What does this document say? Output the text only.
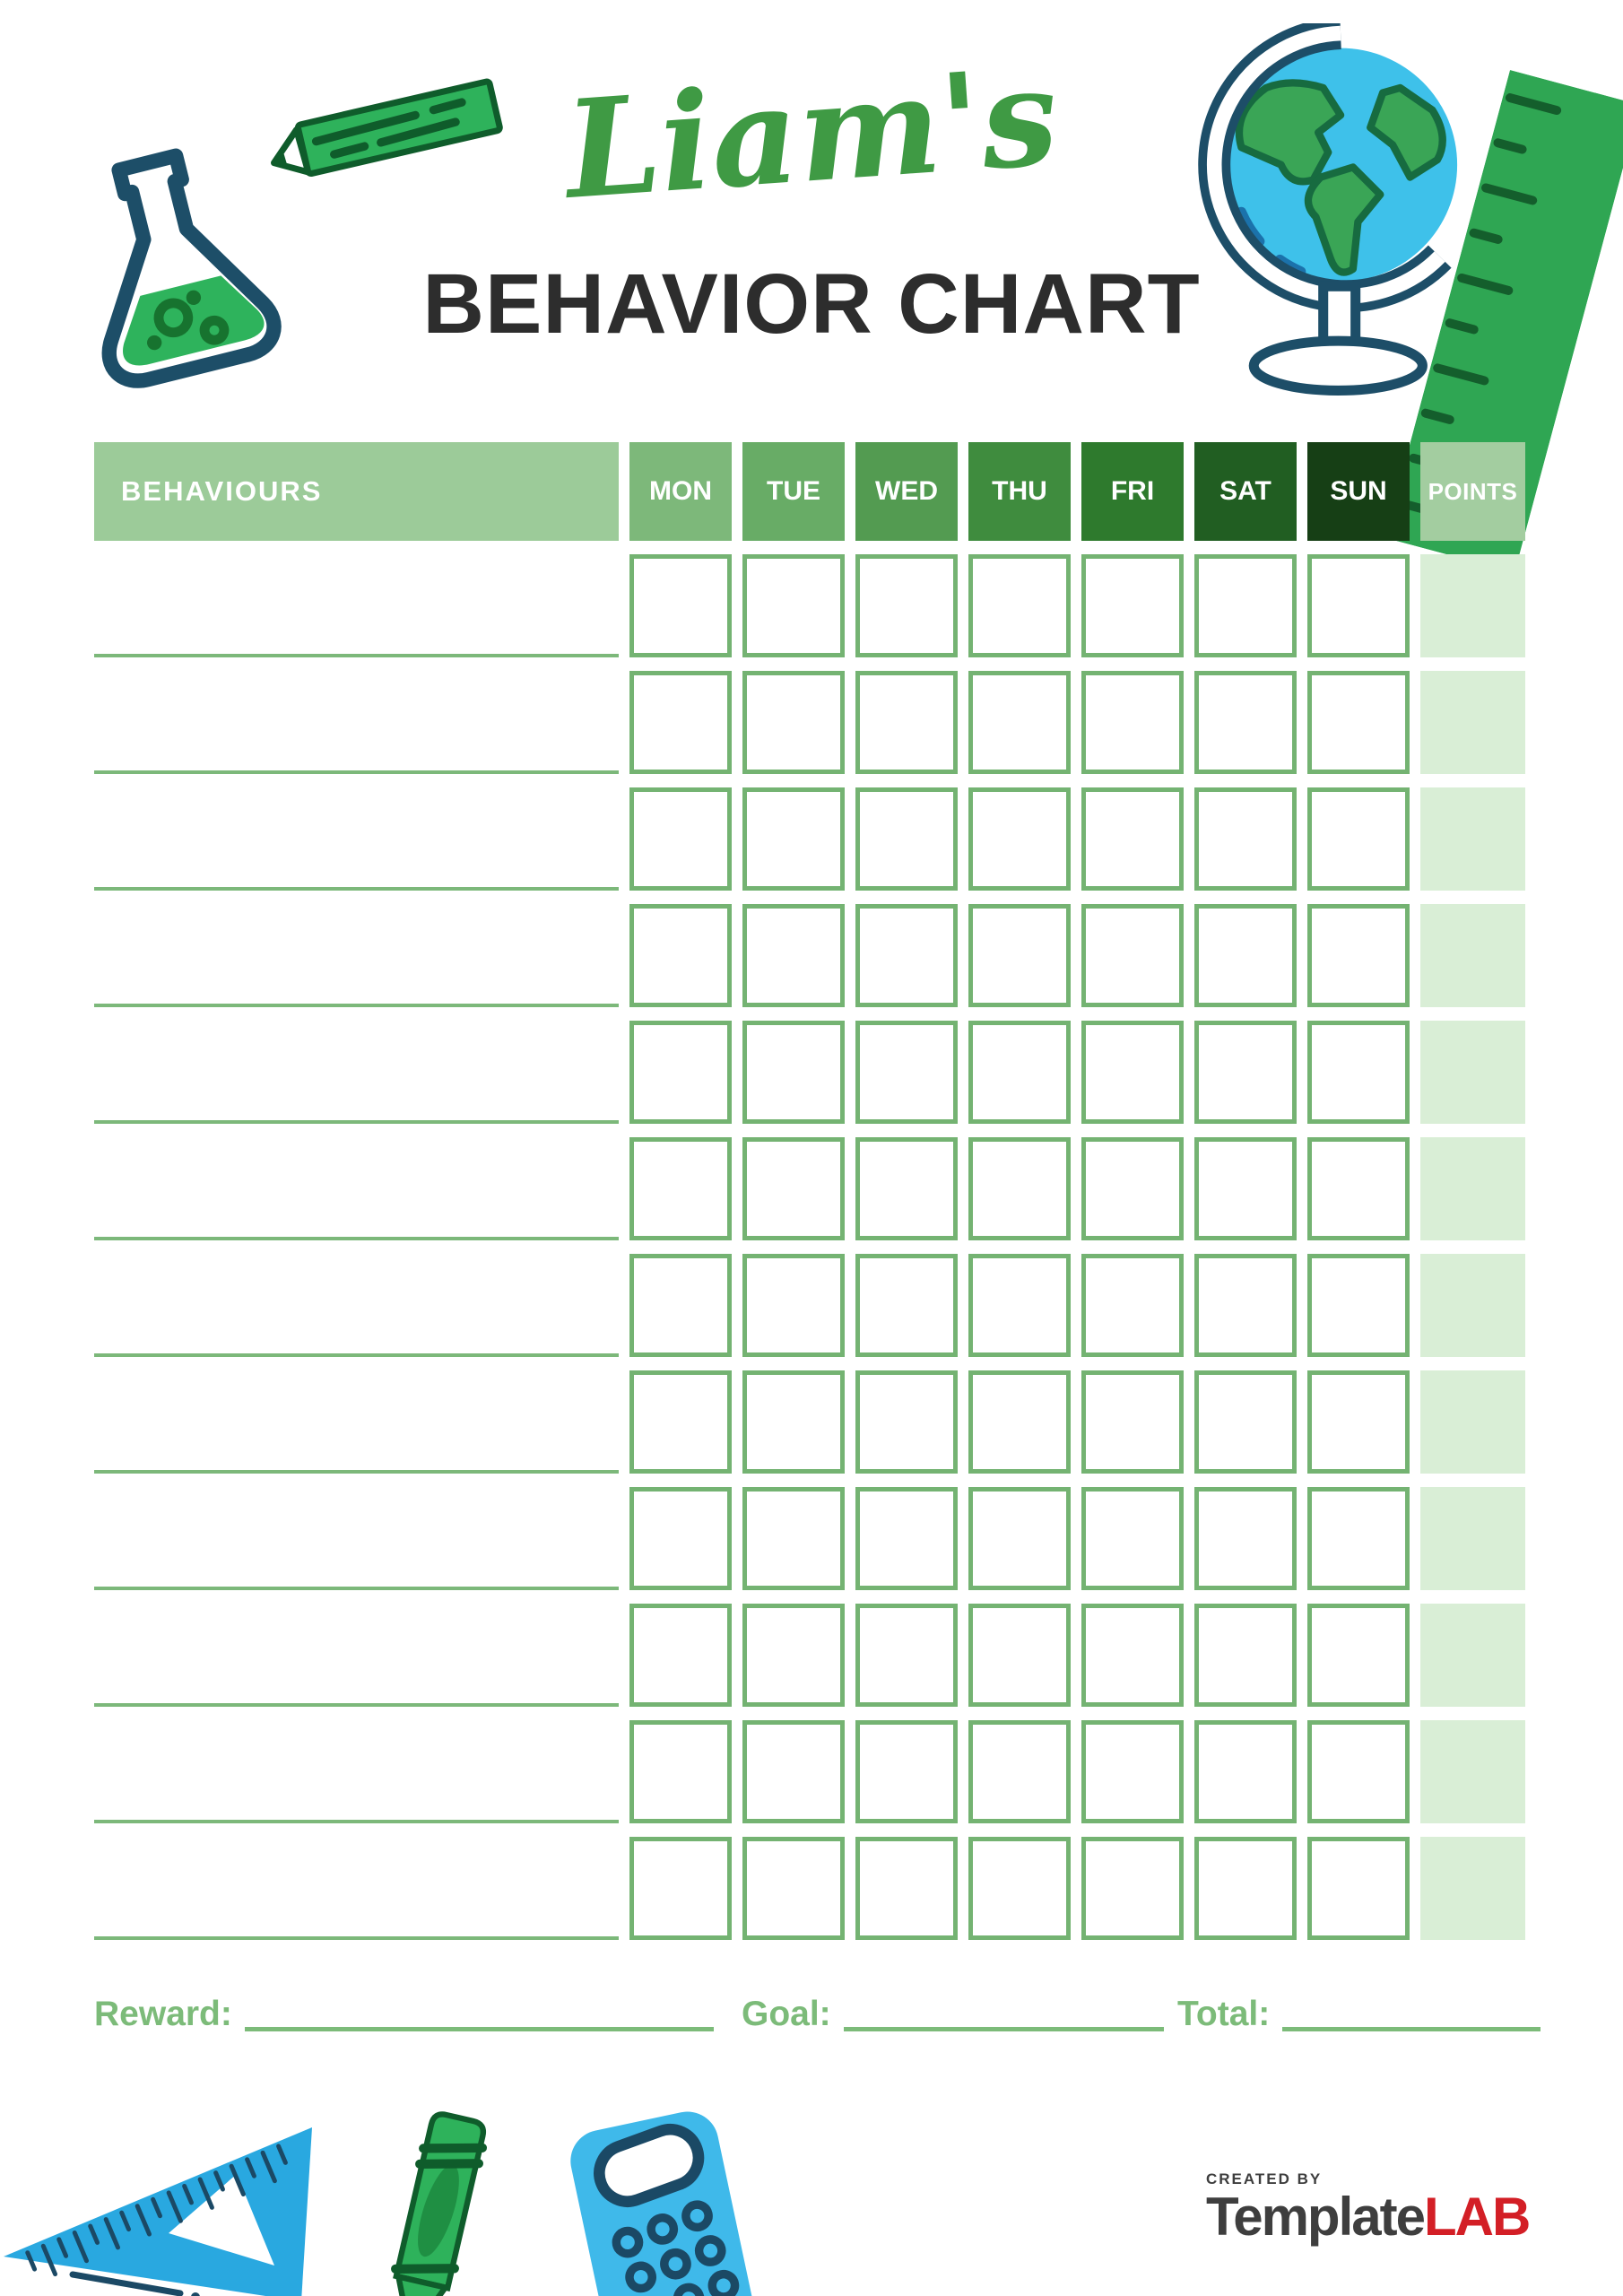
Liam's
BEHAVIOR CHART
BEHAVIOURS	MON	TUE	WED	THU	FRI	SAT	SUN	POINTS
Reward:	Goal:	Total:
CREATED BY
TemplateLAB
